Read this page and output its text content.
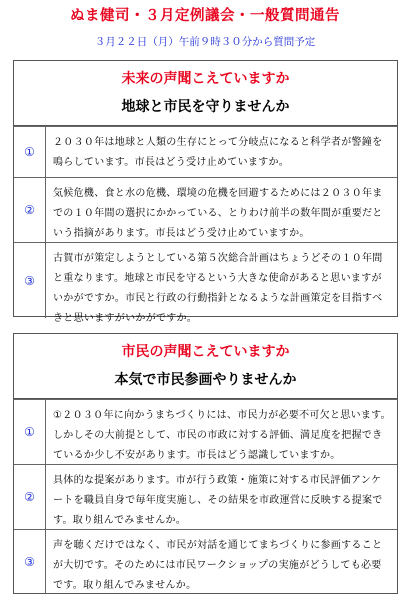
ぬま健司・３月定例議会・一般質問通告
３月２２日（月）午前９時３０分から質問予定
未来の声聞こえていますか
地球と市民を守りませんか
①
２０３０年は地球と人類の生存にとって分岐点になると科学者が警鐘を鳴らしています。市長はどう受け止めていますか。
②
気候危機、食と水の危機、環境の危機を回避するためには２０３０年までの１０年間の選択にかかっている、とりわけ前半の数年間が重要だという指摘があります。市長はどう受け止めていますか。
③
古賀市が策定しようとしている第５次総合計画はちょうどその１０年間と重なります。地球と市民を守るという大きな使命があると思いますがいかがですか。市民と行政の行動指針となるような計画策定を目指すべきと思いますがいかがですか。
市民の声聞こえていますか
本気で市民参画やりませんか
①
①２０３０年に向かうまちづくりには、市民力が必要不可欠と思います。しかしその大前提として、市民の市政に対する評価、満足度を把握できているか少し不安があります。市長はどう認識していますか。
②
具体的な提案があります。市が行う政策・施策に対する市民評価アンケートを職員自身で毎年度実施し、その結果を市政運営に反映する提案です。取り組んでみませんか。
③
声を聴くだけではなく、市民が対話を通じてまちづくりに参画することが大切です。そのためには市民ワークショップの実施がどうしても必要です。取り組んでみませんか。
